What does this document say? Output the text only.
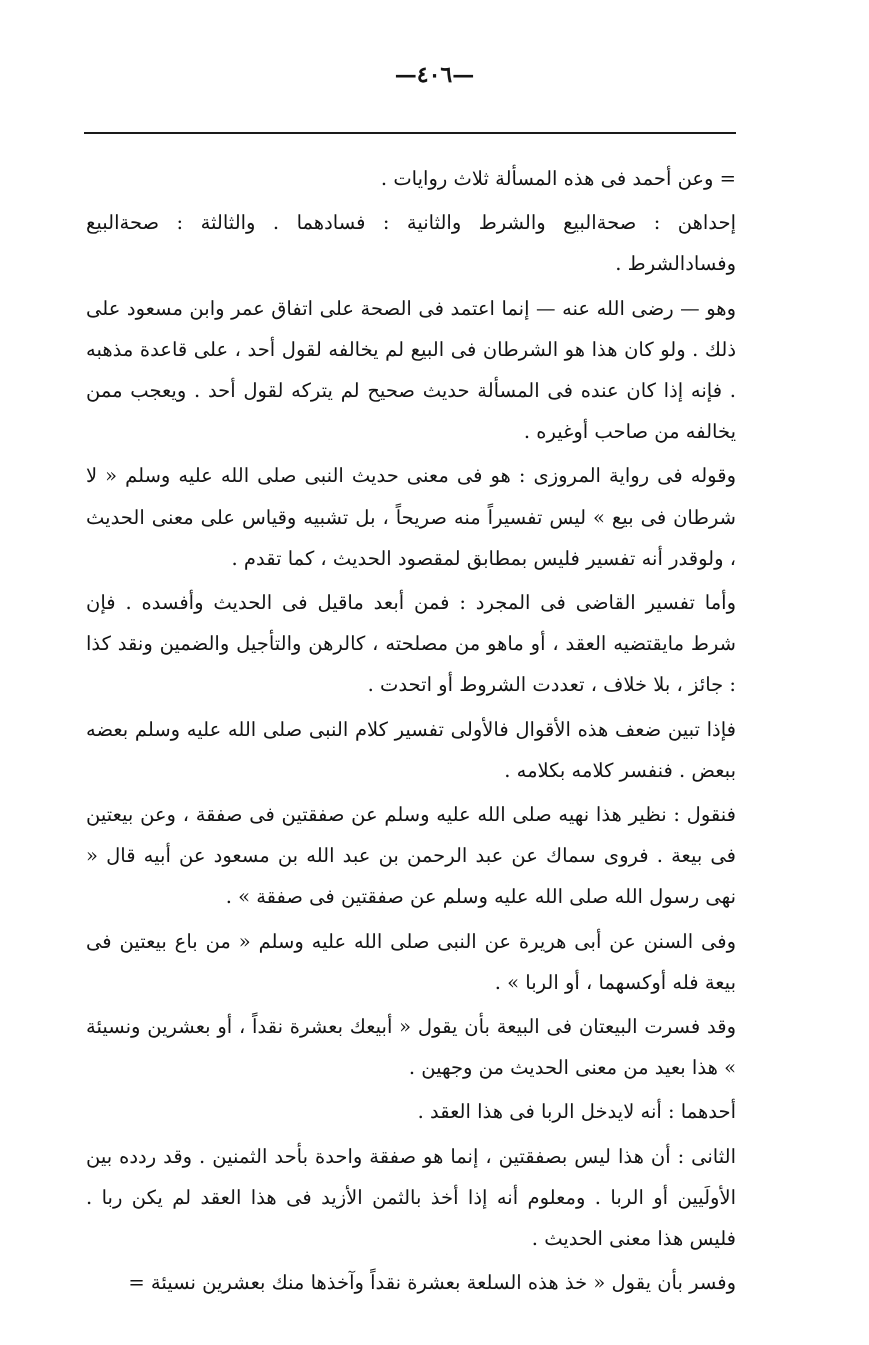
—٤٠٦—

= وعن أحمد فى هذه المسألة ثلاث روايات .

إحداهن : صحةالبيع والشرط والثانية : فسادهما . والثالثة : صحةالبيع وفسادالشرط .

وهو — رضى الله عنه — إنما اعتمد فى الصحة على اتفاق عمر وابن مسعود على ذلك . ولو كان هذا هو الشرطان فى البيع لم يخالفه لقول أحد ، على قاعدة مذهبه . فإنه إذا كان عنده فى المسألة حديث صحيح لم يتركه لقول أحد . ويعجب ممن يخالفه من صاحب أوغيره .

وقوله فى رواية المروزى : هو فى معنى حديث النبى صلى الله عليه وسلم « لا شرطان فى بيع » ليس تفسيراً منه صريحاً ، بل تشبيه وقياس على معنى الحديث ، ولوقدر أنه تفسير فليس بمطابق لمقصود الحديث ، كما تقدم .

وأما تفسير القاضى فى المجرد : فمن أبعد ماقيل فى الحديث وأفسده . فإن شرط مايقتضيه العقد ، أو ماهو من مصلحته ، كالرهن والتأجيل والضمين ونقد كذا : جائز ، بلا خلاف ، تعددت الشروط أو اتحدت .

فإذا تبين ضعف هذه الأقوال فالأولى تفسير كلام النبى صلى الله عليه وسلم بعضه ببعض . فنفسر كلامه بكلامه .

فنقول : نظير هذا نهيه صلى الله عليه وسلم عن صفقتين فى صفقة ، وعن بيعتين فى بيعة . فروى سماك عن عبد الرحمن بن عبد الله بن مسعود عن أبيه قال « نهى رسول الله صلى الله عليه وسلم عن صفقتين فى صفقة » .

وفى السنن عن أبى هريرة عن النبى صلى الله عليه وسلم « من باع بيعتين فى بيعة فله أوكسهما ، أو الربا » .

وقد فسرت البيعتان فى البيعة بأن يقول « أبيعك بعشرة نقداً ، أو بعشرين ونسيئة » هذا بعيد من معنى الحديث من وجهين .

أحدهما : أنه لايدخل الربا فى هذا العقد .

الثانى : أن هذا ليس بصفقتين ، إنما هو صفقة واحدة بأحد الثمنين . وقد ردده بين الأولَيين أو الربا . ومعلوم أنه إذا أخذ بالثمن الأزيد فى هذا العقد لم يكن ربا . فليس هذا معنى الحديث .

وفسر بأن يقول « خذ هذه السلعة بعشرة نقداً وآخذها منك بعشرين نسيئة =
